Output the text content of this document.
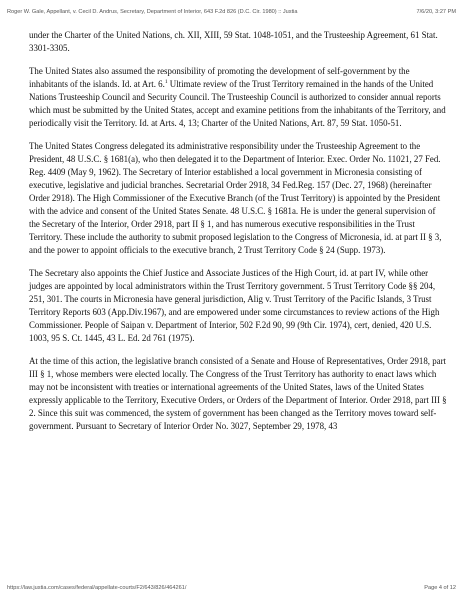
Roger W. Gale, Appellant, v. Cecil D. Andrus, Secretary, Department of Interior, 643 F.2d 826 (D.C. Cir. 1980) :: Justia	7/6/20, 3:27 PM

under the Charter of the United Nations, ch. XII, XIII, 59 Stat. 1048-1051, and the Trusteeship Agreement, 61 Stat. 3301-3305.

The United States also assumed the responsibility of promoting the development of self-government by the inhabitants of the islands. Id. at Art. 6.$^1$ Ultimate review of the Trust Territory remained in the hands of the United Nations Trusteeship Council and Security Council. The Trusteeship Council is authorized to consider annual reports which must be submitted by the United States, accept and examine petitions from the inhabitants of the Territory, and periodically visit the Territory. Id. at Arts. 4, 13; Charter of the United Nations, Art. 87, 59 Stat. 1050-51.

The United States Congress delegated its administrative responsibility under the Trusteeship Agreement to the President, 48 U.S.C. § 1681(a), who then delegated it to the Department of Interior. Exec. Order No. 11021, 27 Fed. Reg. 4409 (May 9, 1962). The Secretary of Interior established a local government in Micronesia consisting of executive, legislative and judicial branches. Secretarial Order 2918, 34 Fed.Reg. 157 (Dec. 27, 1968) (hereinafter Order 2918). The High Commissioner of the Executive Branch (of the Trust Territory) is appointed by the President with the advice and consent of the United States Senate. 48 U.S.C. § 1681a. He is under the general supervision of the Secretary of the Interior, Order 2918, part II § 1, and has numerous executive responsibilities in the Trust Territory. These include the authority to submit proposed legislation to the Congress of Micronesia, id. at part II § 3, and the power to appoint officials to the executive branch, 2 Trust Territory Code § 24 (Supp. 1973).

The Secretary also appoints the Chief Justice and Associate Justices of the High Court, id. at part IV, while other judges are appointed by local administrators within the Trust Territory government. 5 Trust Territory Code §§ 204, 251, 301. The courts in Micronesia have general jurisdiction, Alig v. Trust Territory of the Pacific Islands, 3 Trust Territory Reports 603 (App.Div.1967), and are empowered under some circumstances to review actions of the High Commissioner. People of Saipan v. Department of Interior, 502 F.2d 90, 99 (9th Cir. 1974), cert, denied, 420 U.S. 1003, 95 S. Ct. 1445, 43 L. Ed. 2d 761 (1975).

At the time of this action, the legislative branch consisted of a Senate and House of Representatives, Order 2918, part III § 1, whose members were elected locally. The Congress of the Trust Territory has authority to enact laws which may not be inconsistent with treaties or international agreements of the United States, laws of the United States expressly applicable to the Territory, Executive Orders, or Orders of the Department of Interior. Order 2918, part III § 2. Since this suit was commenced, the system of government has been changed as the Territory moves toward self-government. Pursuant to Secretary of Interior Order No. 3027, September 29, 1978, 43

https://law.justia.com/cases/federal/appellate-courts/F2/643/826/464261/	Page 4 of 12
